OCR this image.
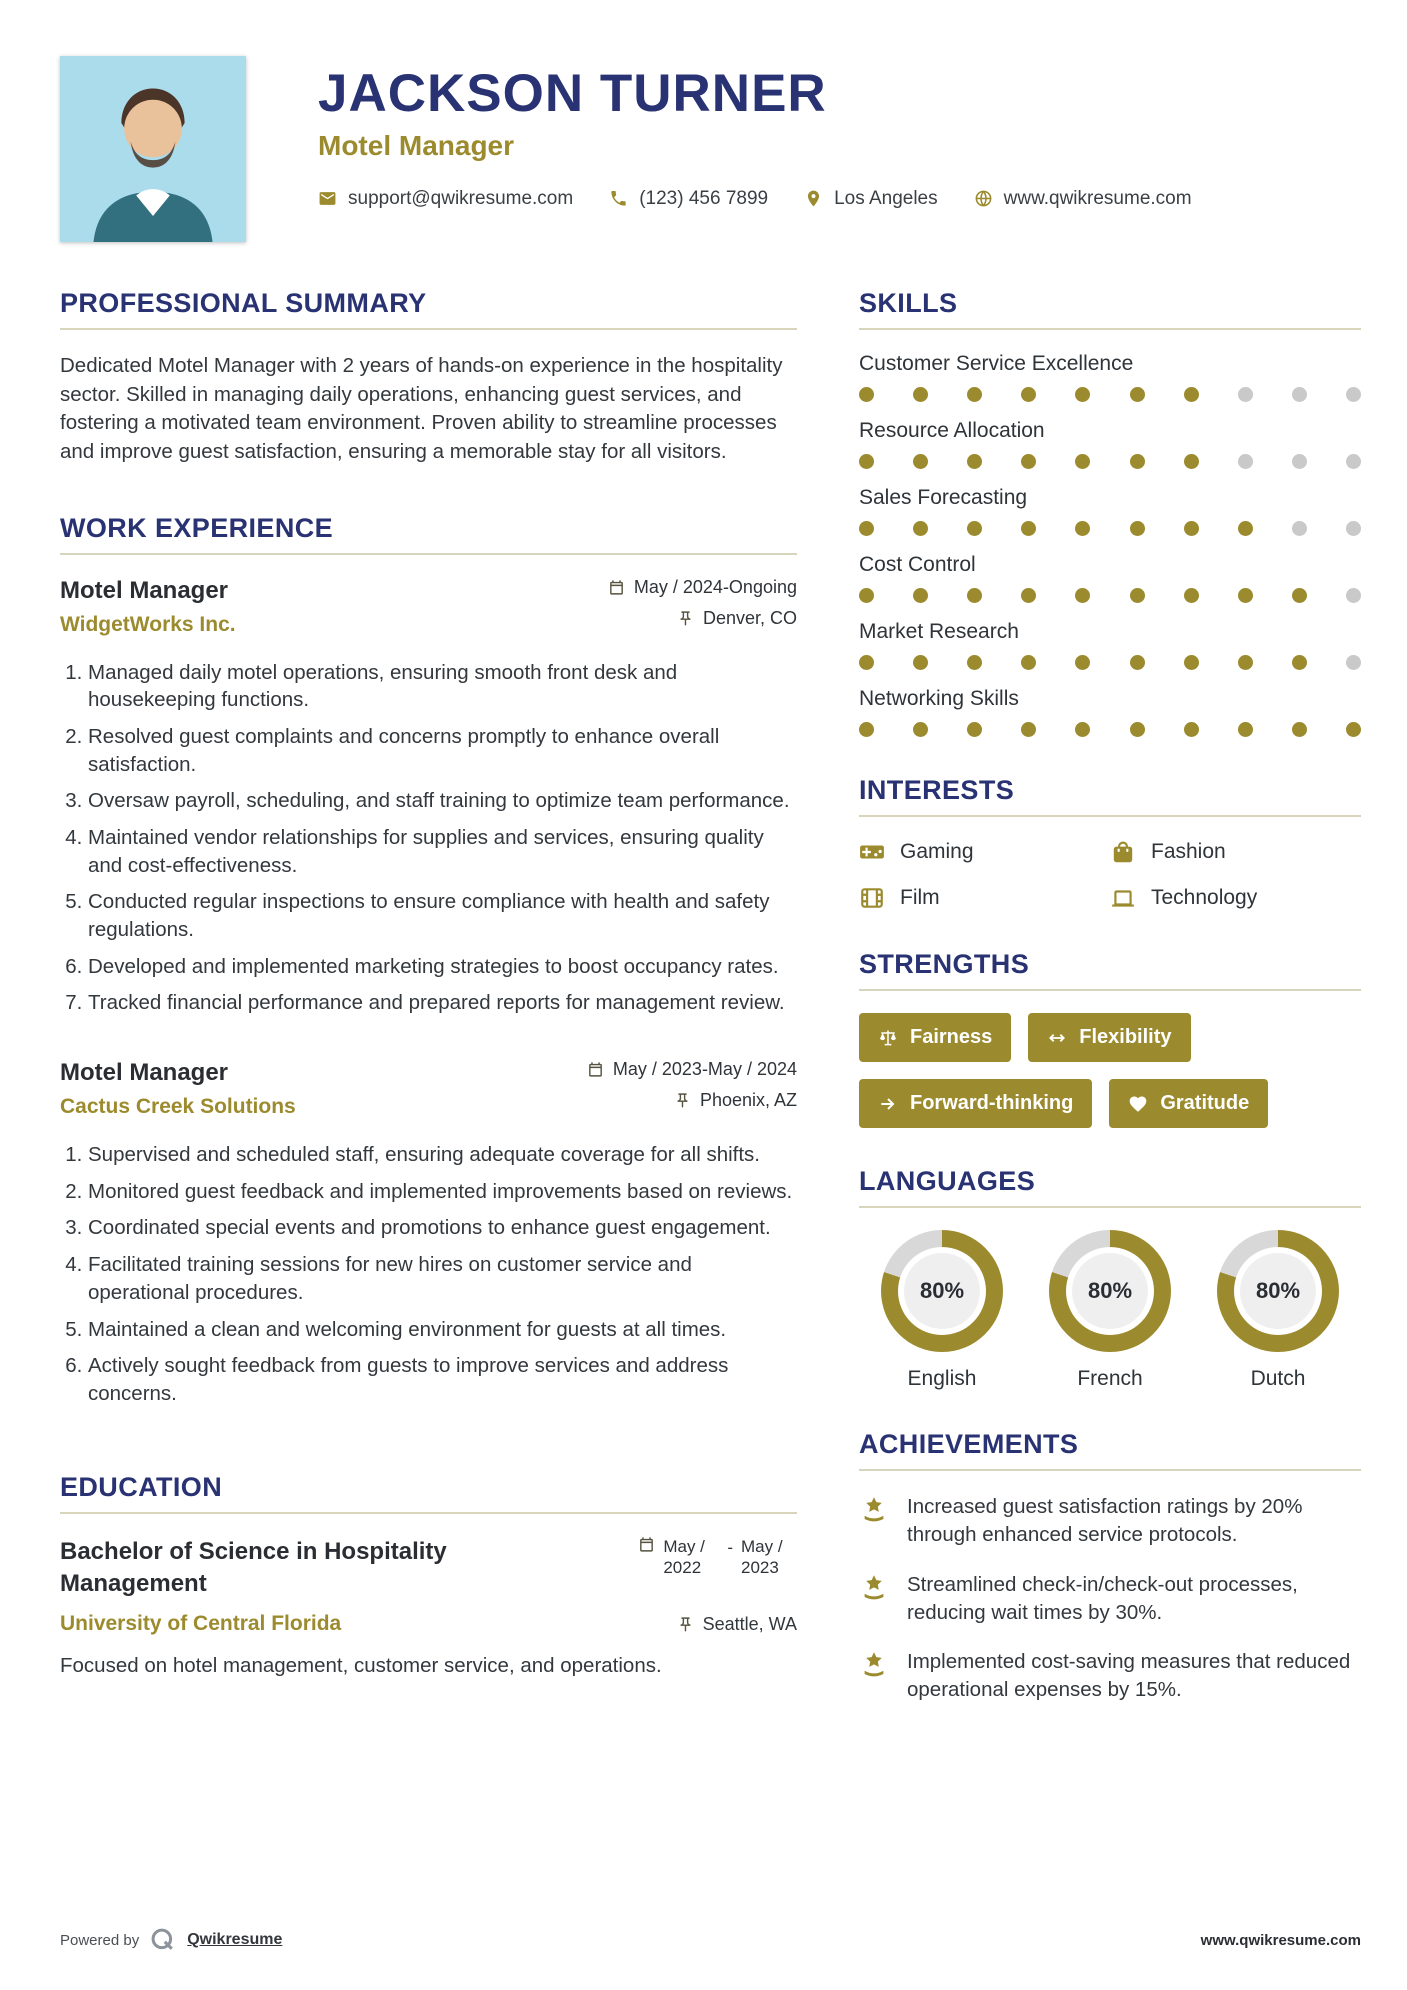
JACKSON TURNER
Motel Manager
support@qwikresume.com	(123) 456 7899	Los Angeles	www.qwikresume.com
PROFESSIONAL SUMMARY

Dedicated Motel Manager with 2 years of hands-on experience in the hospitality sector. Skilled in managing daily operations, enhancing guest services, and fostering a motivated team environment. Proven ability to streamline processes and improve guest satisfaction, ensuring a memorable stay for all visitors.

WORK EXPERIENCE
Motel Manager
WidgetWorks Inc.
May / 2024-Ongoing
Denver, CO
1. Managed daily motel operations, ensuring smooth front desk and housekeeping functions.
2. Resolved guest complaints and concerns promptly to enhance overall satisfaction.
3. Oversaw payroll, scheduling, and staff training to optimize team performance.
4. Maintained vendor relationships for supplies and services, ensuring quality and cost-effectiveness.
5. Conducted regular inspections to ensure compliance with health and safety regulations.
6. Developed and implemented marketing strategies to boost occupancy rates.
7. Tracked financial performance and prepared reports for management review.
Motel Manager
Cactus Creek Solutions
May / 2023-May / 2024
Phoenix, AZ
1. Supervised and scheduled staff, ensuring adequate coverage for all shifts.
2. Monitored guest feedback and implemented improvements based on reviews.
3. Coordinated special events and promotions to enhance guest engagement.
4. Facilitated training sessions for new hires on customer service and operational procedures.
5. Maintained a clean and welcoming environment for guests at all times.
6. Actively sought feedback from guests to improve services and address concerns.
EDUCATION
Bachelor of Science in Hospitality Management
May / 2022
- May / 2023
University of Central Florida	Seattle, WA

Focused on hotel management, customer service, and operations.

SKILLS
Customer Service Excellence
Resource Allocation
Sales Forecasting
Cost Control
Market Research
Networking Skills
INTERESTS
Gaming	Fashion
Film	Technology
STRENGTHS
Fairness	Flexibility
Forward-thinking	Gratitude
LANGUAGES
80%
English
80%
French
80%
Dutch
ACHIEVEMENTS
Increased guest satisfaction ratings by 20% through enhanced service protocols.
Streamlined check-in/check-out processes, reducing wait times by 30%.
Implemented cost-saving measures that reduced operational expenses by 15%.
Powered by	Qwikresume	www.qwikresume.com
